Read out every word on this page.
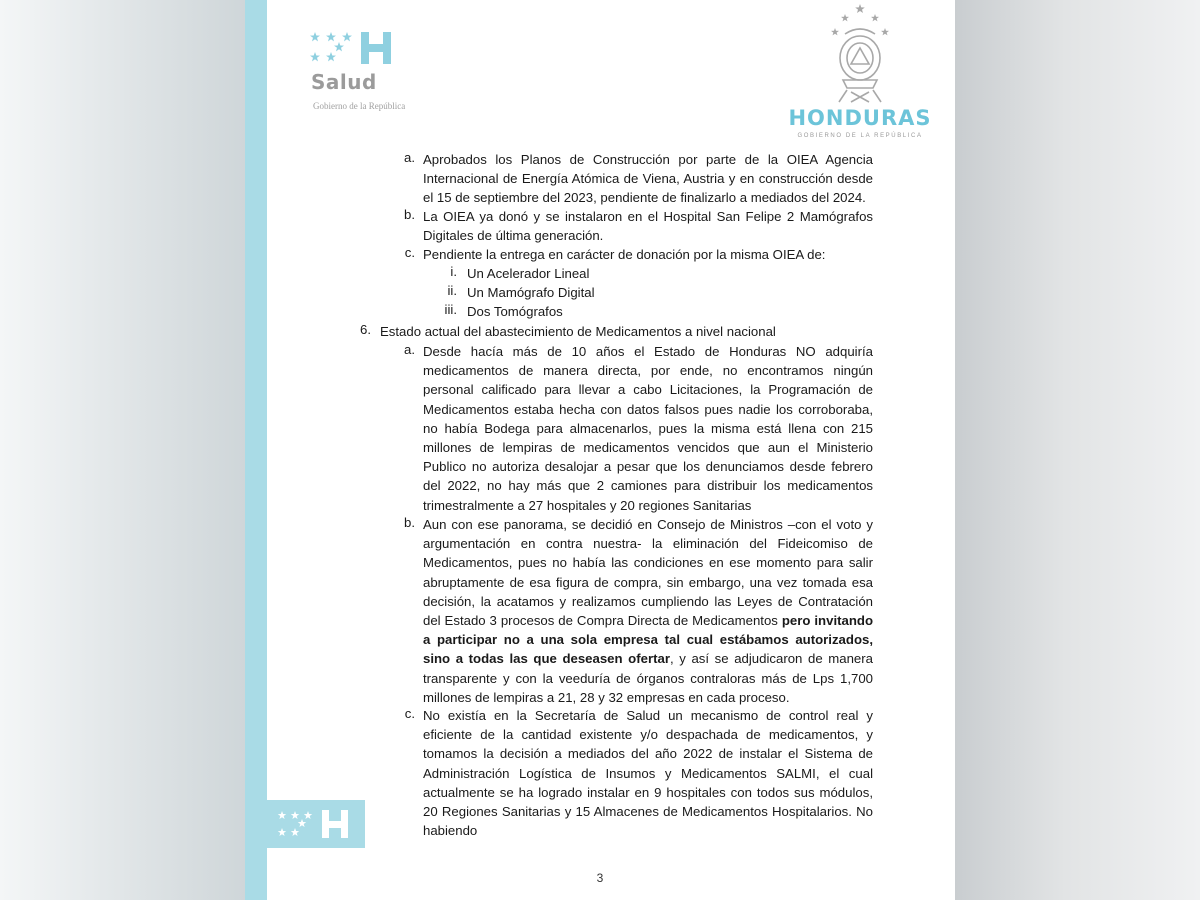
Salud
Gobierno de la República	HONDURAS
GOBIERNO DE LA REPÚBLICA
a. Aprobados los Planos de Construcción por parte de la OIEA Agencia Internacional de Energía Atómica de Viena, Austria y en construcción desde el 15 de septiembre del 2023, pendiente de finalizarlo a mediados del 2024.
b. La OIEA ya donó y se instalaron en el Hospital San Felipe 2 Mamógrafos Digitales de última generación.
c. Pendiente la entrega en carácter de donación por la misma OIEA de:
i. Un Acelerador Lineal
ii. Un Mamógrafo Digital
iii. Dos Tomógrafos
6. Estado actual del abastecimiento de Medicamentos a nivel nacional
a. Desde hacía más de 10 años el Estado de Honduras NO adquiría medicamentos de manera directa, por ende, no encontramos ningún personal calificado para llevar a cabo Licitaciones, la Programación de Medicamentos estaba hecha con datos falsos pues nadie los corroboraba, no había Bodega para almacenarlos, pues la misma está llena con 215 millones de lempiras de medicamentos vencidos que aun el Ministerio Publico no autoriza desalojar a pesar que los denunciamos desde febrero del 2022, no hay más que 2 camiones para distribuir los medicamentos trimestralmente a 27 hospitales y 20 regiones Sanitarias
b. Aun con ese panorama, se decidió en Consejo de Ministros –con el voto y argumentación en contra nuestra- la eliminación del Fideicomiso de Medicamentos, pues no había las condiciones en ese momento para salir abruptamente de esa figura de compra, sin embargo, una vez tomada esa decisión, la acatamos y realizamos cumpliendo las Leyes de Contratación del Estado 3 procesos de Compra Directa de Medicamentos pero invitando a participar no a una sola empresa tal cual estábamos autorizados, sino a todas las que deseasen ofertar, y así se adjudicaron de manera transparente y con la veeduría de órganos contraloras más de Lps 1,700 millones de lempiras a 21, 28 y 32 empresas en cada proceso.
c. No existía en la Secretaría de Salud un mecanismo de control real y eficiente de la cantidad existente y/o despachada de medicamentos, y tomamos la decisión a mediados del año 2022 de instalar el Sistema de Administración Logística de Insumos y Medicamentos SALMI, el cual actualmente se ha logrado instalar en 9 hospitales con todos sus módulos, 20 Regiones Sanitarias y 15 Almacenes de Medicamentos Hospitalarios. No habiendo
3
